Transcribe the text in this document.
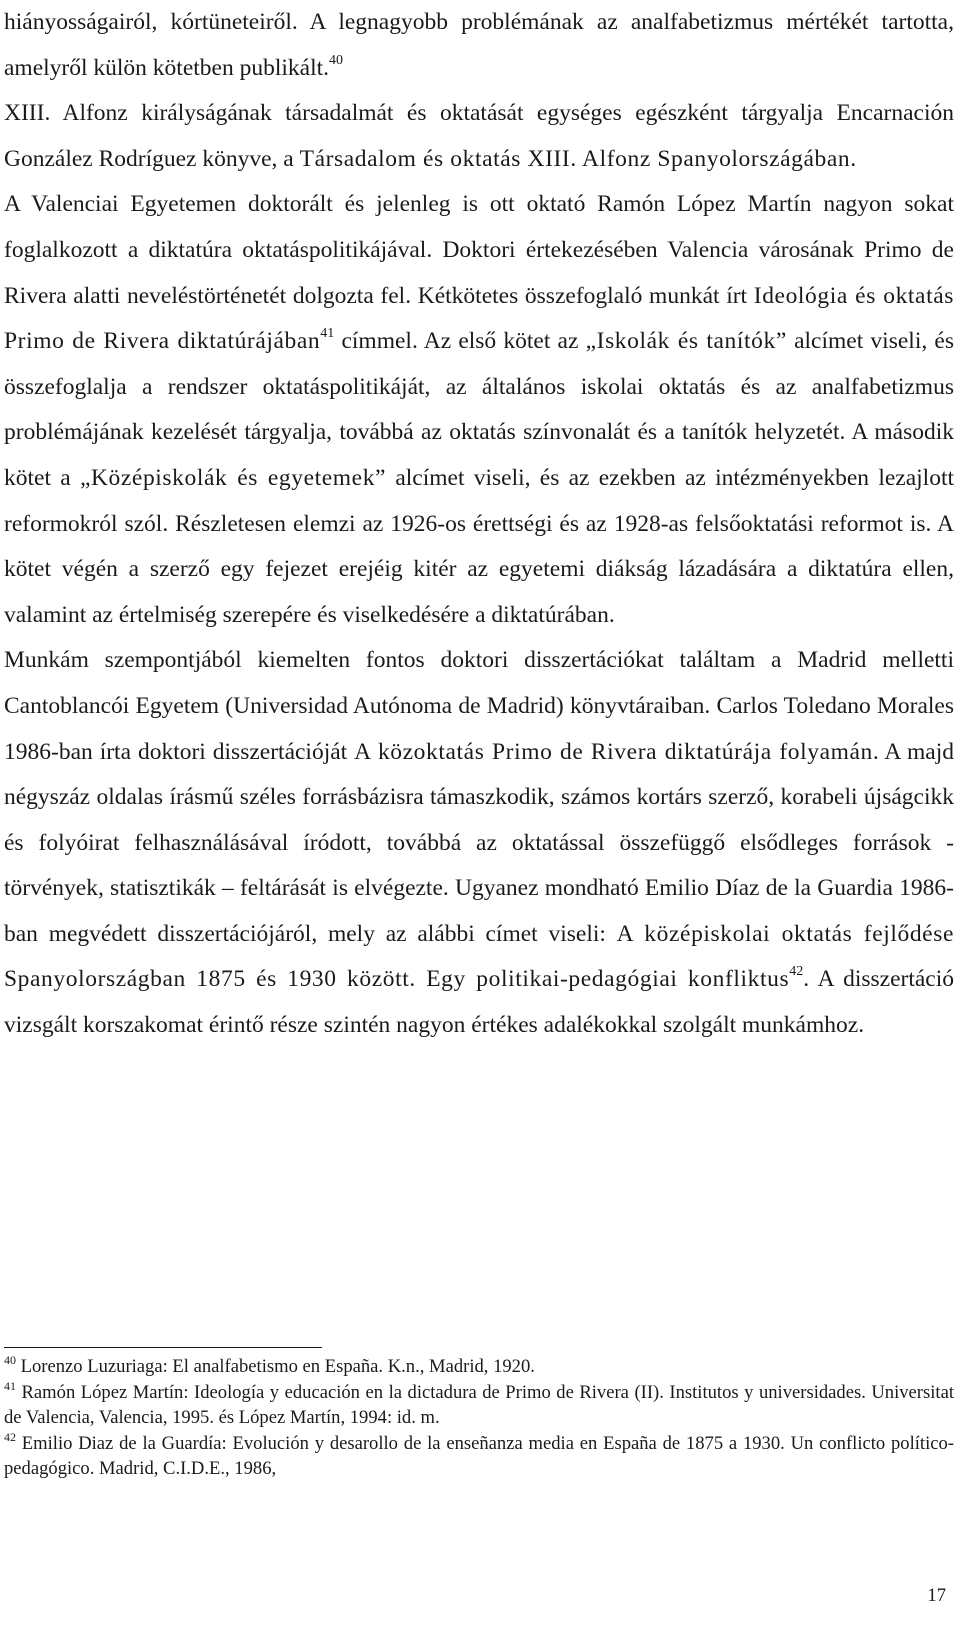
hiányosságairól, kórtüneteiről. A legnagyobb problémának az analfabetizmus mértékét tartotta, amelyről külön kötetben publikált.$^{40}$

XIII. Alfonz királyságának társadalmát és oktatását egységes egészként tárgyalja Encarnación González Rodríguez könyve, a Társadalom és oktatás XIII. Alfonz Spanyolországában.

A Valenciai Egyetemen doktorált és jelenleg is ott oktató Ramón López Martín nagyon sokat foglalkozott a diktatúra oktatáspolitikájával. Doktori értekezésében Valencia városának Primo de Rivera alatti neveléstörténetét dolgozta fel. Kétkötetes összefoglaló munkát írt Ideológia és oktatás Primo de Rivera diktatúrájában$^{41}$ címmel. Az első kötet az „Iskolák és tanítók” alcímet viseli, és összefoglalja a rendszer oktatáspolitikáját, az általános iskolai oktatás és az analfabetizmus problémájának kezelését tárgyalja, továbbá az oktatás színvonalát és a tanítók helyzetét. A második kötet a „Középiskolák és egyetemek” alcímet viseli, és az ezekben az intézményekben lezajlott reformokról szól. Részletesen elemzi az 1926-os érettségi és az 1928-as felsőoktatási reformot is. A kötet végén a szerző egy fejezet erejéig kitér az egyetemi diákság lázadására a diktatúra ellen, valamint az értelmiség szerepére és viselkedésére a diktatúrában.

Munkám szempontjából kiemelten fontos doktori disszertációkat találtam a Madrid melletti Cantoblancói Egyetem (Universidad Autónoma de Madrid) könyvtáraiban. Carlos Toledano Morales 1986-ban írta doktori disszertációját A közoktatás Primo de Rivera diktatúrája folyamán. A majd négyszáz oldalas írásmű széles forrásbázisra támaszkodik, számos kortárs szerző, korabeli újságcikk és folyóirat felhasználásával íródott, továbbá az oktatással összefüggő elsődleges források - törvények, statisztikák – feltárását is elvégezte. Ugyanez mondható Emilio Díaz de la Guardia 1986-ban megvédett disszertációjáról, mely az alábbi címet viseli: A középiskolai oktatás fejlődése Spanyolországban 1875 és 1930 között. Egy politikai-pedagógiai konfliktus$^{42}$. A disszertáció vizsgált korszakomat érintő része szintén nagyon értékes adalékokkal szolgált munkámhoz.

$^{40}$ Lorenzo Luzuriaga: El analfabetismo en España. K.n., Madrid, 1920.

$^{41}$ Ramón López Martín: Ideología y educación en la dictadura de Primo de Rivera (II). Institutos y universidades. Universitat de Valencia, Valencia, 1995. és López Martín, 1994: id. m.

$^{42}$ Emilio Diaz de la Guardía: Evolución y desarollo de la enseñanza media en España de 1875 a 1930. Un conflicto político-pedagógico. Madrid, C.I.D.E., 1986,

17
